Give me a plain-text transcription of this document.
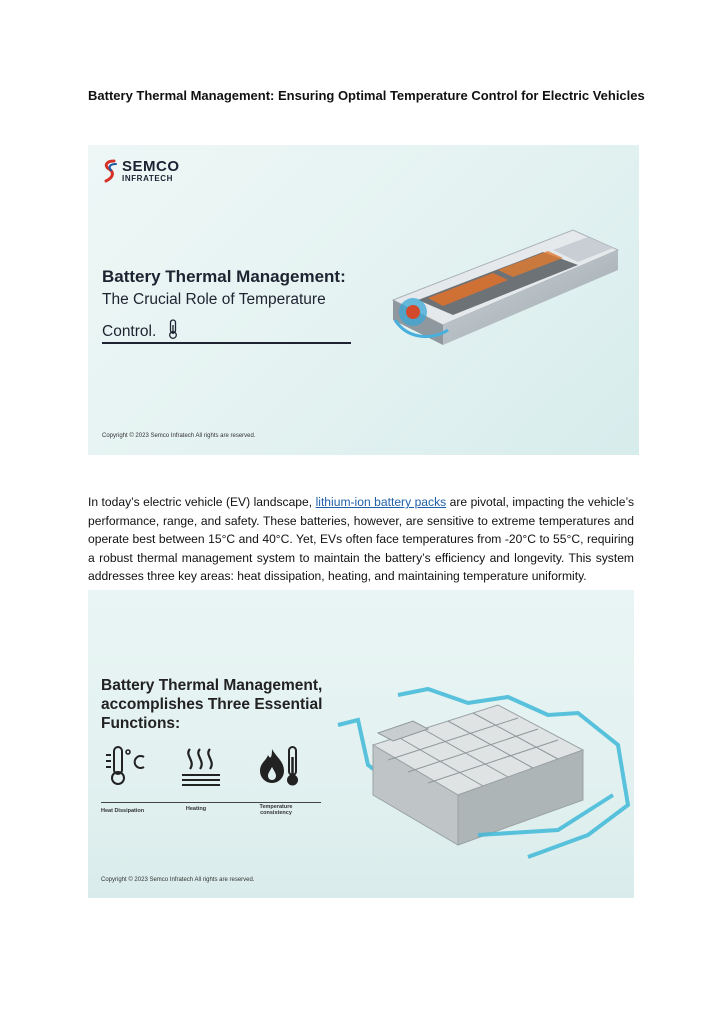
Battery Thermal Management: Ensuring Optimal Temperature Control for Electric Vehicles
SEMCO
INFRATECH
Battery Thermal Management:
The Crucial Role of Temperature
Control.
Copyright © 2023 Semco Infratech All rights are reserved.
In today’s electric vehicle (EV) landscape, lithium-ion battery packs are pivotal, impacting the vehicle’s performance, range, and safety. These batteries, however, are sensitive to extreme temperatures and operate best between 15°C and 40°C. Yet, EVs often face temperatures from -20°C to 55°C, requiring a robust thermal management system to maintain the battery’s efficiency and longevity. This system addresses three key areas: heat dissipation, heating, and maintaining temperature uniformity.
Battery Thermal Management,
accomplishes Three Essential
Functions:
Heat Dissipation	Heating	Temperature consistency
Copyright © 2023 Semco Infratech All rights are reserved.
